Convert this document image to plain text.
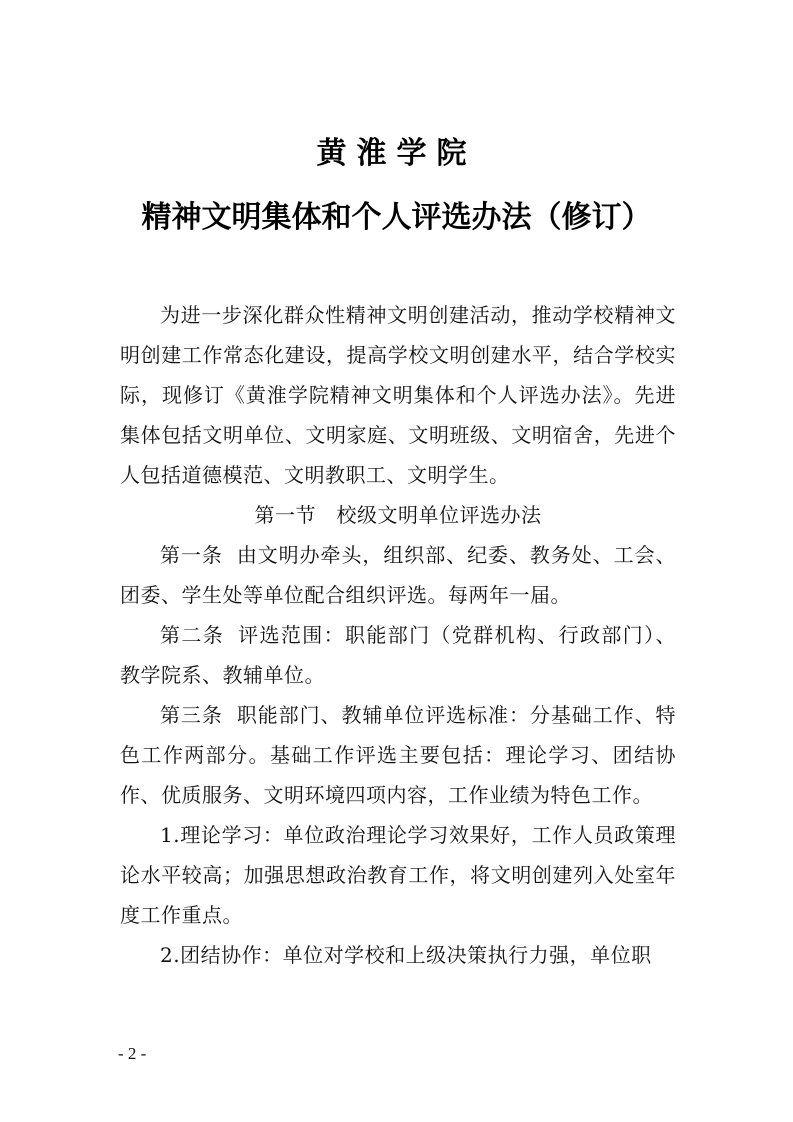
黄淮学院
精神文明集体和个人评选办法（修订）

为进一步深化群众性精神文明创建活动，推动学校精神文明创建工作常态化建设，提高学校文明创建水平，结合学校实际，现修订《黄淮学院精神文明集体和个人评选办法》。先进集体包括文明单位、文明家庭、文明班级、文明宿舍，先进个人包括道德模范、文明教职工、文明学生。

第一节　校级文明单位评选办法

第一条 由文明办牵头，组织部、纪委、教务处、工会、团委、学生处等单位配合组织评选。每两年一届。

第二条 评选范围：职能部门（党群机构、行政部门）、教学院系、教辅单位。

第三条 职能部门、教辅单位评选标准：分基础工作、特色工作两部分。基础工作评选主要包括：理论学习、团结协作、优质服务、文明环境四项内容，工作业绩为特色工作。

1.理论学习：单位政治理论学习效果好，工作人员政策理论水平较高；加强思想政治教育工作，将文明创建列入处室年度工作重点。

2.团结协作：单位对学校和上级决策执行力强，单位职

- 2 -
